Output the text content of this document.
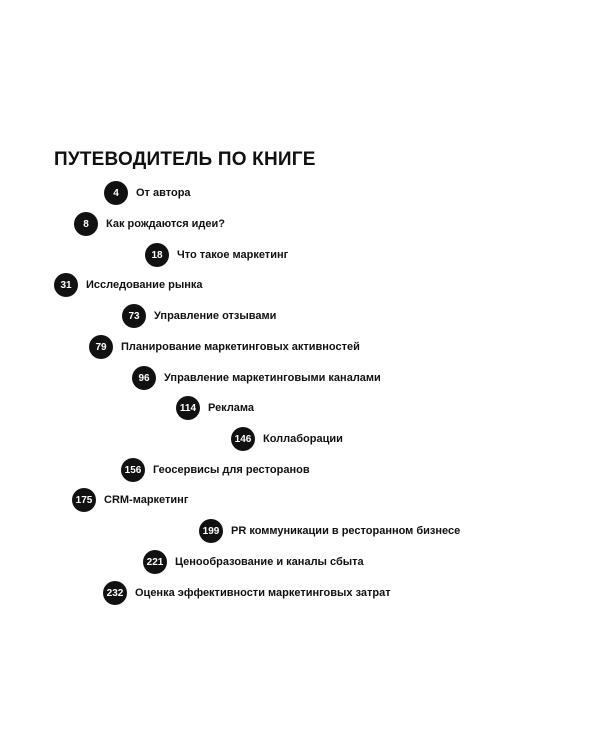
ПУТЕВОДИТЕЛЬ ПО КНИГЕ
4	От автора
8	Как рождаются идеи?
18	Что такое маркетинг
31	Исследование рынка
73	Управление отзывами
79	Планирование маркетинговых активностей
96	Управление маркетинговыми каналами
114	Реклама
146	Коллаборации
156	Геосервисы для ресторанов
175	CRM-маркетинг
199	PR коммуникации в ресторанном бизнесе
221	Ценообразование и каналы сбыта
232	Оценка эффективности маркетинговых затрат
